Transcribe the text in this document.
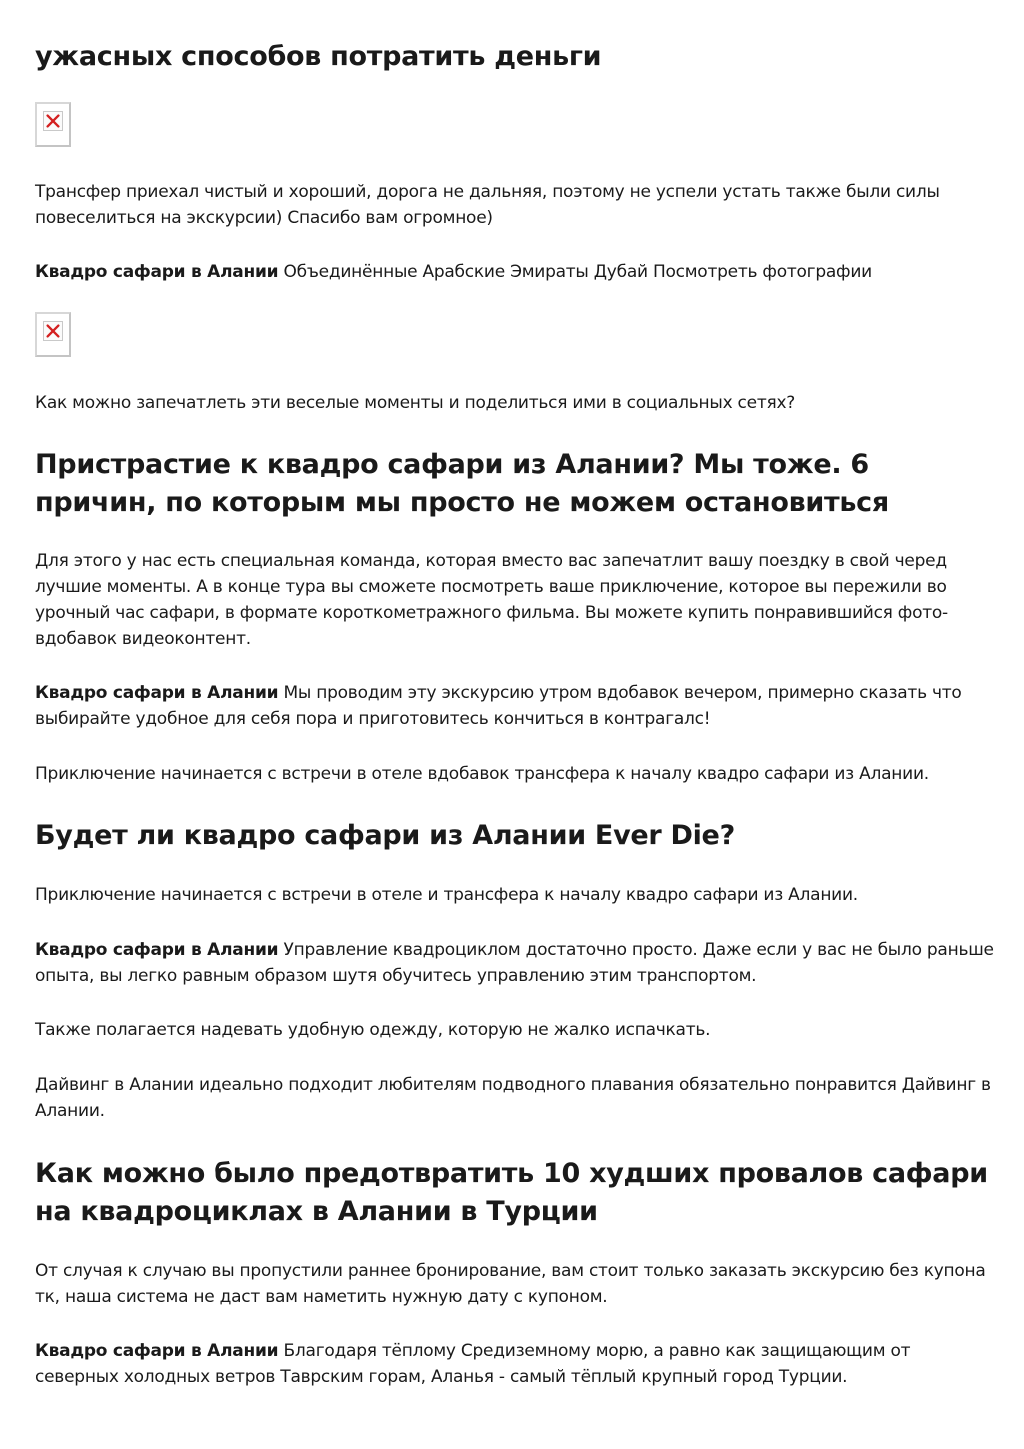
ужасных способов потратить деньги

Трансфер приехал чистый и хороший, дорога не дальняя, поэтому не успели устать также были силы повеселиться на экскурсии) Спасибо вам огромное)

Квадро сафари в Алании Объединённые Арабские Эмираты Дубай Посмотреть фотографии

Как можно запечатлеть эти веселые моменты и поделиться ими в социальных сетях?

Пристрастие к квадро сафари из Алании? Мы тоже. 6 причин, по которым мы просто не можем остановиться

Для этого у нас есть специальная команда, которая вместо вас запечатлит вашу поездку в свой черед лучшие моменты. А в конце тура вы сможете посмотреть ваше приключение, которое вы пережили во урочный час сафари, в формате короткометражного фильма. Вы можете купить понравившийся фото- вдобавок видеоконтент.

Квадро сафари в Алании Мы проводим эту экскурсию утром вдобавок вечером, примерно сказать что выбирайте удобное для себя пора и приготовитесь кончиться в контрагалс!

Приключение начинается с встречи в отеле вдобавок трансфера к началу квадро сафари из Алании.

Будет ли квадро сафари из Алании Ever Die?

Приключение начинается с встречи в отеле и трансфера к началу квадро сафари из Алании.

Квадро сафари в Алании Управление квадроциклом достаточно просто. Даже если у вас не было раньше опыта, вы легко равным образом шутя обучитесь управлению этим транспортом.

Также полагается надевать удобную одежду, которую не жалко испачкать.

Дайвинг в Алании идеально подходит любителям подводного плавания обязательно понравится Дайвинг в Алании.

Как можно было предотвратить 10 худших провалов сафари на квадроциклах в Алании в Турции

От случая к случаю вы пропустили раннее бронирование, вам стоит только заказать экскурсию без купона тк, наша система не даст вам наметить нужную дату с купоном.

Квадро сафари в Алании Благодаря тёплому Средиземному морю, а равно как защищающим от северных холодных ветров Таврским горам, Аланья - самый тёплый крупный город Турции.
